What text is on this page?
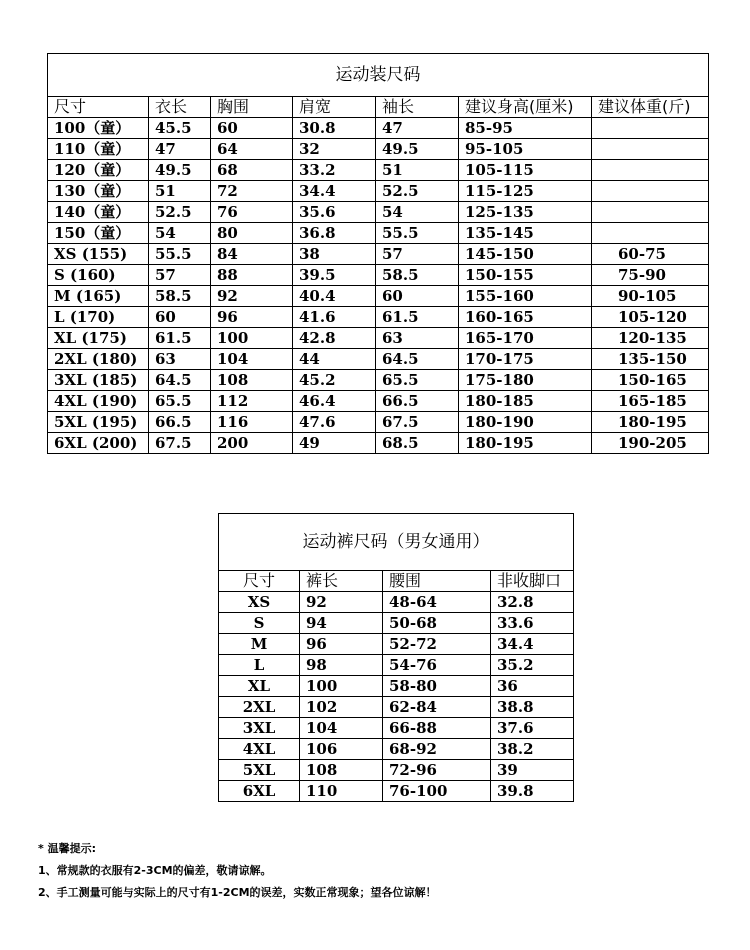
运动装尺码						
尺寸	衣长	胸围	肩宽	袖长	建议身高(厘米)	建议体重(斤)
100（童）	45.5	60	30.8	47	85-95	
110（童）	47	64	32	49.5	95-105	
120（童）	49.5	68	33.2	51	105-115	
130（童）	51	72	34.4	52.5	115-125	
140（童）	52.5	76	35.6	54	125-135	
150（童）	54	80	36.8	55.5	135-145	
XS (155)	55.5	84	38	57	145-150	60-75
S (160)	57	88	39.5	58.5	150-155	75-90
M (165)	58.5	92	40.4	60	155-160	90-105
L (170)	60	96	41.6	61.5	160-165	105-120
XL (175)	61.5	100	42.8	63	165-170	120-135
2XL (180)	63	104	44	64.5	170-175	135-150
3XL (185)	64.5	108	45.2	65.5	175-180	150-165
4XL (190)	65.5	112	46.4	66.5	180-185	165-185
5XL (195)	66.5	116	47.6	67.5	180-190	180-195
6XL (200)	67.5	200	49	68.5	180-195	190-205
运动裤尺码（男女通用）			
尺寸	裤长	腰围	非收脚口
XS	92	48-64	32.8
S	94	50-68	33.6
M	96	52-72	34.4
L	98	54-76	35.2
XL	100	58-80	36
2XL	102	62-84	38.8
3XL	104	66-88	37.6
4XL	106	68-92	38.2
5XL	108	72-96	39
6XL	110	76-100	39.8
* 温馨提示:
1、常规款的衣服有2-3CM的偏差，敬请谅解。
2、手工测量可能与实际上的尺寸有1-2CM的误差，实数正常现象；望各位谅解！
